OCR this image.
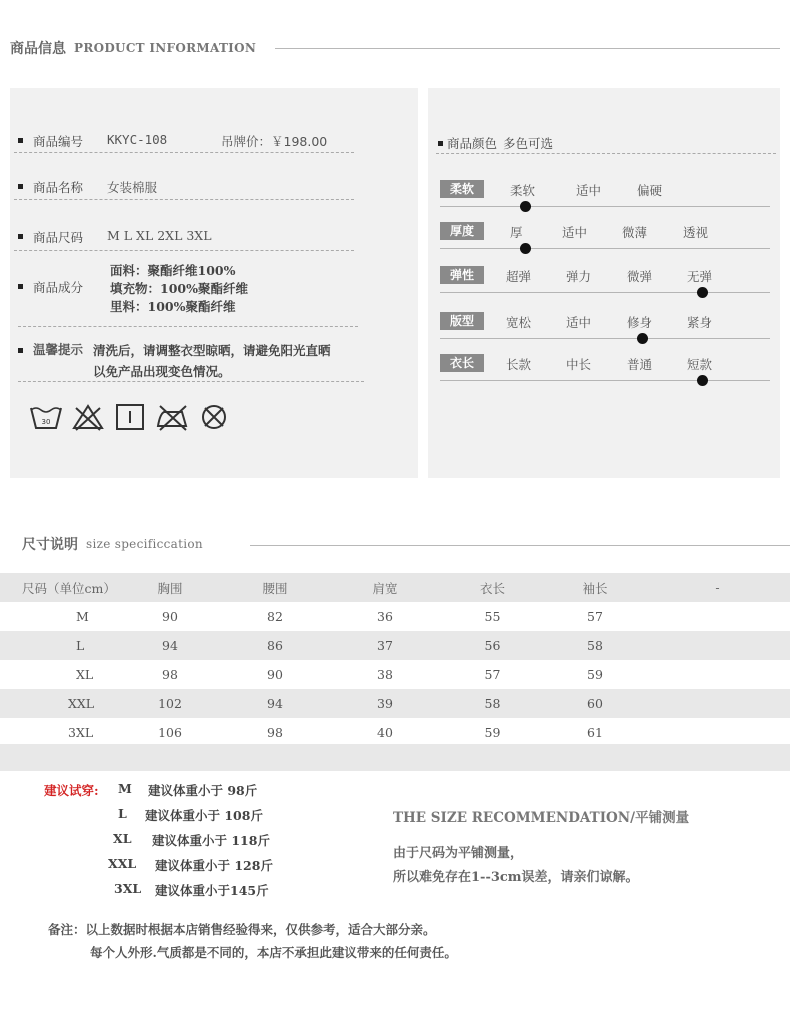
商品信息 PRODUCT INFORMATION
商品编号	KKYC-108	吊牌价： ￥198.00
商品名称	女装棉服
商品尺码	M L XL 2XL 3XL
商品成分
面料：聚酯纤维100%
填充物：100%聚酯纤维
里料：100%聚酯纤维
温馨提示 清洗后，请调整衣型晾晒，请避免阳光直晒
以免产品出现变色情况。
30
商品颜色 多色可选
柔软	柔软	适中	偏硬
厚度	厚	适中	微薄	透视
弹性	超弹	弹力	微弹	无弹
版型	宽松	适中	修身	紧身
衣长	长款	中长	普通	短款
尺寸说明 size specificcation
尺码（单位cm）	胸围	腰围	肩宽	衣长	袖长	-
M	90	82	36	55	57	
L	94	86	37	56	58	
XL	98	90	38	57	59	
XXL	102	94	39	58	60	
3XL	106	98	40	59	61	
建议试穿: M 建议体重小于 98斤
L 建议体重小于 108斤
XL 建议体重小于 118斤
XXL 建议体重小于 128斤
3XL 建议体重小于145斤
THE SIZE RECOMMENDATION/平铺测量
由于尺码为平铺测量，
所以难免存在1--3cm误差，请亲们谅解。
备注：以上数据时根据本店销售经验得来，仅供参考，适合大部分亲。
每个人外形.气质都是不同的，本店不承担此建议带来的任何责任。
